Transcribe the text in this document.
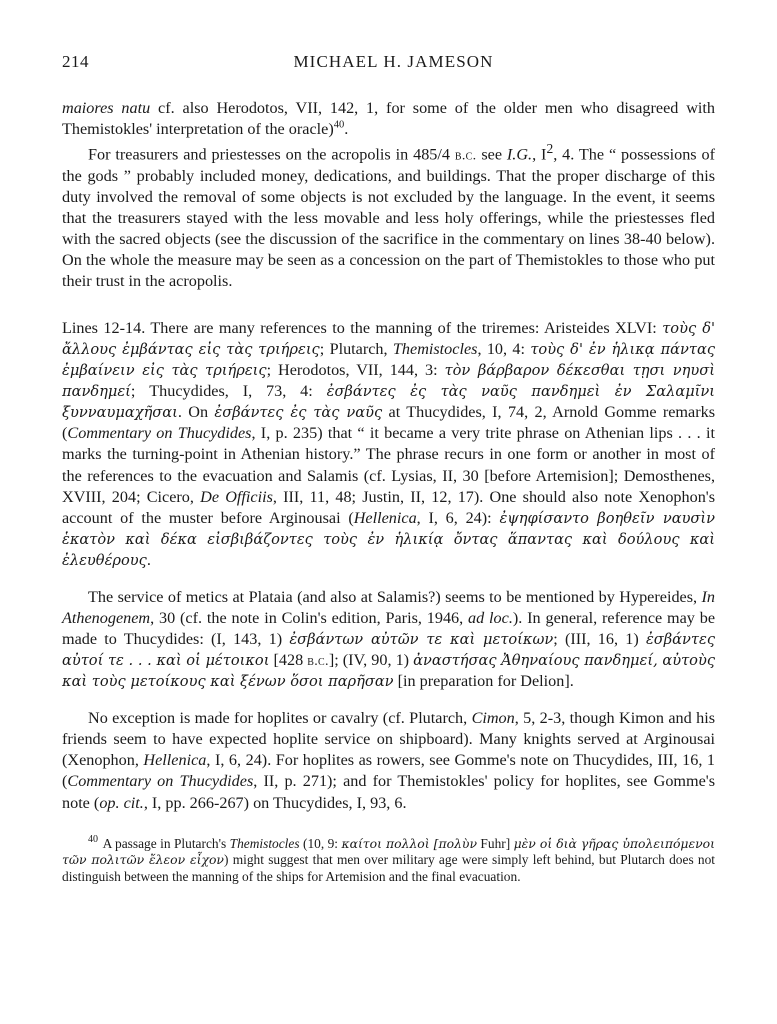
214	MICHAEL H. JAMESON

maiores natu cf. also Herodotos, VII, 142, 1, for some of the older men who disagreed with Themistokles' interpretation of the oracle)$^{40}$.

For treasurers and priestesses on the acropolis in 485/4 b.c. see I.G., $I^2$, 4. The “ possessions of the gods ” probably included money, dedications, and buildings. That the proper discharge of this duty involved the removal of some objects is not excluded by the language. In the event, it seems that the treasurers stayed with the less movable and less holy offerings, while the priestesses fled with the sacred objects (see the discussion of the sacrifice in the commentary on lines 38-40 below). On the whole the measure may be seen as a concession on the part of Themistokles to those who put their trust in the acropolis.

Lines 12-14. There are many references to the manning of the triremes: Aristeides XLVI: τοὺς δ' ἄλλους ἐμβάντας εἰς τὰς τριήρεις; Plutarch, Themistocles, 10, 4: τοὺς δ' ἐν ἡλικᾳ πάντας ἐμβαίνειν εἰς τὰς τριήρεις; Herodotos, VII, 144, 3: τὸν βάρβαρον δέκεσθαι τῃσι νηυσὶ πανδημεί; Thucydides, I, 73, 4: ἐσβάντες ἐς τὰς ναῦς πανδημεὶ ἐν Σαλαμῖνι ξυνναυμαχῆσαι. On ἐσβάντες ἐς τὰς ναῦς at Thucydides, I, 74, 2, Arnold Gomme remarks (Commentary on Thucydides, I, p. 235) that “ it became a very trite phrase on Athenian lips . . . it marks the turning-point in Athenian history.” The phrase recurs in one form or another in most of the references to the evacuation and Salamis (cf. Lysias, II, 30 [before Artemision]; Demosthenes, XVIII, 204; Cicero, De Officiis, III, 11, 48; Justin, II, 12, 17). One should also note Xenophon's account of the muster before Arginousai (Hellenica, I, 6, 24): ἐψηφίσαντο βοηθεῖν ναυσὶν ἑκατὸν καὶ δέκα εἰσβιβάζοντες τοὺς ἐν ἡλικίᾳ ὄντας ἅπαντας καὶ δούλους καὶ ἐλευθέρους.

The service of metics at Plataia (and also at Salamis?) seems to be mentioned by Hypereides, In Athenogenem, 30 (cf. the note in Colin's edition, Paris, 1946, ad loc.). In general, reference may be made to Thucydides: (I, 143, 1) ἐσβάντων αὐτῶν τε καὶ μετοίκων; (III, 16, 1) ἐσβάντες αὐτοί τε . . . καὶ οἱ μέτοικοι [428 b.c.]; (IV, 90, 1) ἀναστήσας Ἀθηναίους πανδημεί, αὐτοὺς καὶ τοὺς μετοίκους καὶ ξένων ὅσοι παρῆσαν [in preparation for Delion].

No exception is made for hoplites or cavalry (cf. Plutarch, Cimon, 5, 2-3, though Kimon and his friends seem to have expected hoplite service on shipboard). Many knights served at Arginousai (Xenophon, Hellenica, I, 6, 24). For hoplites as rowers, see Gomme's note on Thucydides, III, 16, 1 (Commentary on Thucydides, II, p. 271); and for Themistokles' policy for hoplites, see Gomme's note (op. cit., I, pp. 266-267) on Thucydides, I, 93, 6.

$^{40}$ A passage in Plutarch's Themistocles (10, 9: καίτοι πολλοὶ [πολὺν Fuhr] μὲν οἱ διὰ γῆρας ὑπολειπόμενοι τῶν πολιτῶν ἔλεον εἶχον) might suggest that men over military age were simply left behind, but Plutarch does not distinguish between the manning of the ships for Artemision and the final evacuation.
